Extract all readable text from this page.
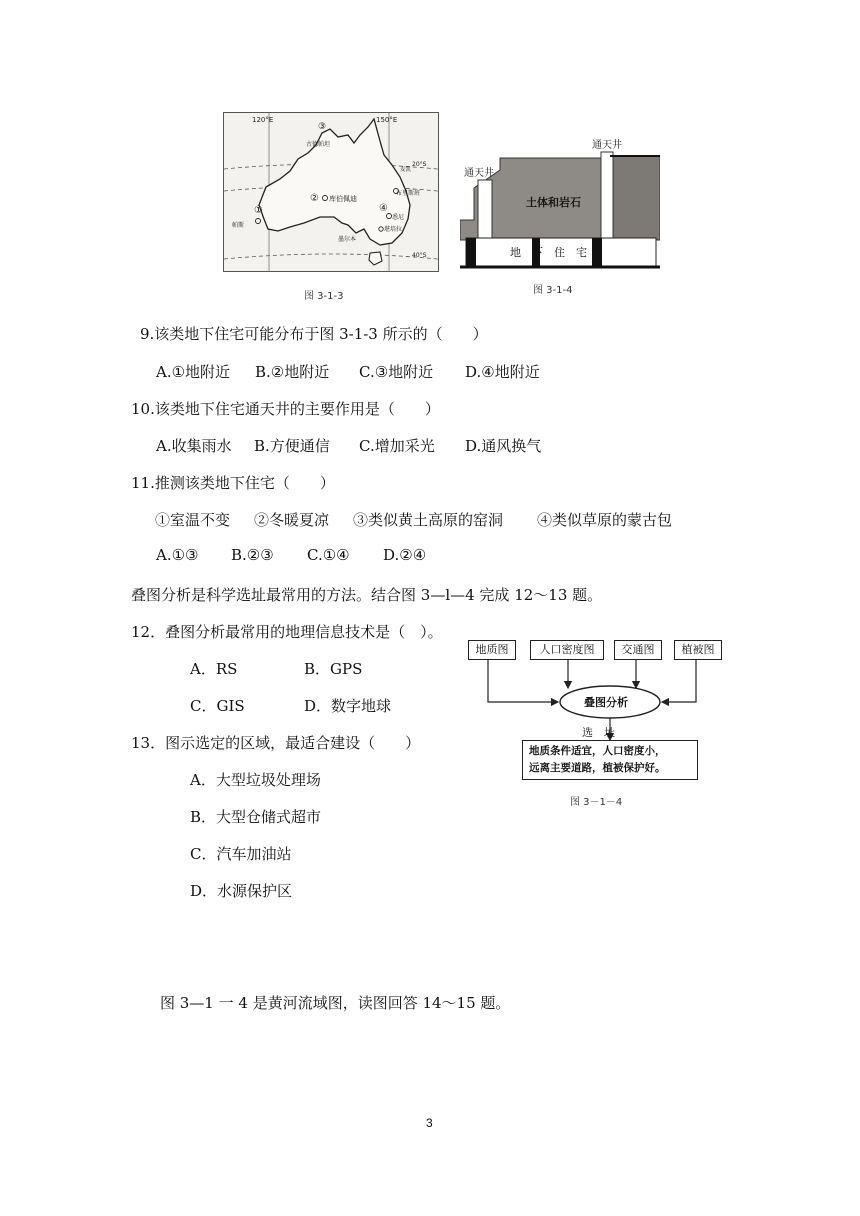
120°E	150°E
20°S
40°S
③
古德帕坦
② 库伯佩迪
麦凯
布里斯班
④
悉尼
堪培拉
墨尔本
①
帕斯
图 3-1-3
通天井
通天井
土体和岩石
地　下　住　宅
图 3-1-4
9.该类地下住宅可能分布于图 3-1-3 所示的（　　）
A.①地附近 B.②地附近 C.③地附近 D.④地附近
10.该类地下住宅通天井的主要作用是（　　）
A.收集雨水 B.方便通信 C.增加采光 D.通风换气
11.推测该类地下住宅（　　）
①室温不变 ②冬暖夏凉 ③类似黄土高原的窑洞 ④类似草原的蒙古包
A.①③ B.②③ C.①④ D.②④
叠图分析是科学选址最常用的方法。结合图 3—l—4 完成 12～13 题。
12．叠图分析最常用的地理信息技术是（　）。
A．RS	B．GPS
C．GIS	D．数字地球
13．图示选定的区域，最适合建设（　　）
A．大型垃圾处理场
B．大型仓储式超市
C．汽车加油站
D．水源保护区
地质图	人口密度图	交通图	植被图
叠图分析
选　址
地质条件适宜，人口密度小，
远离主要道路，植被保护好。
图 3－1－4
图 3—1 一 4 是黄河流域图，读图回答 14～15 题。
3
